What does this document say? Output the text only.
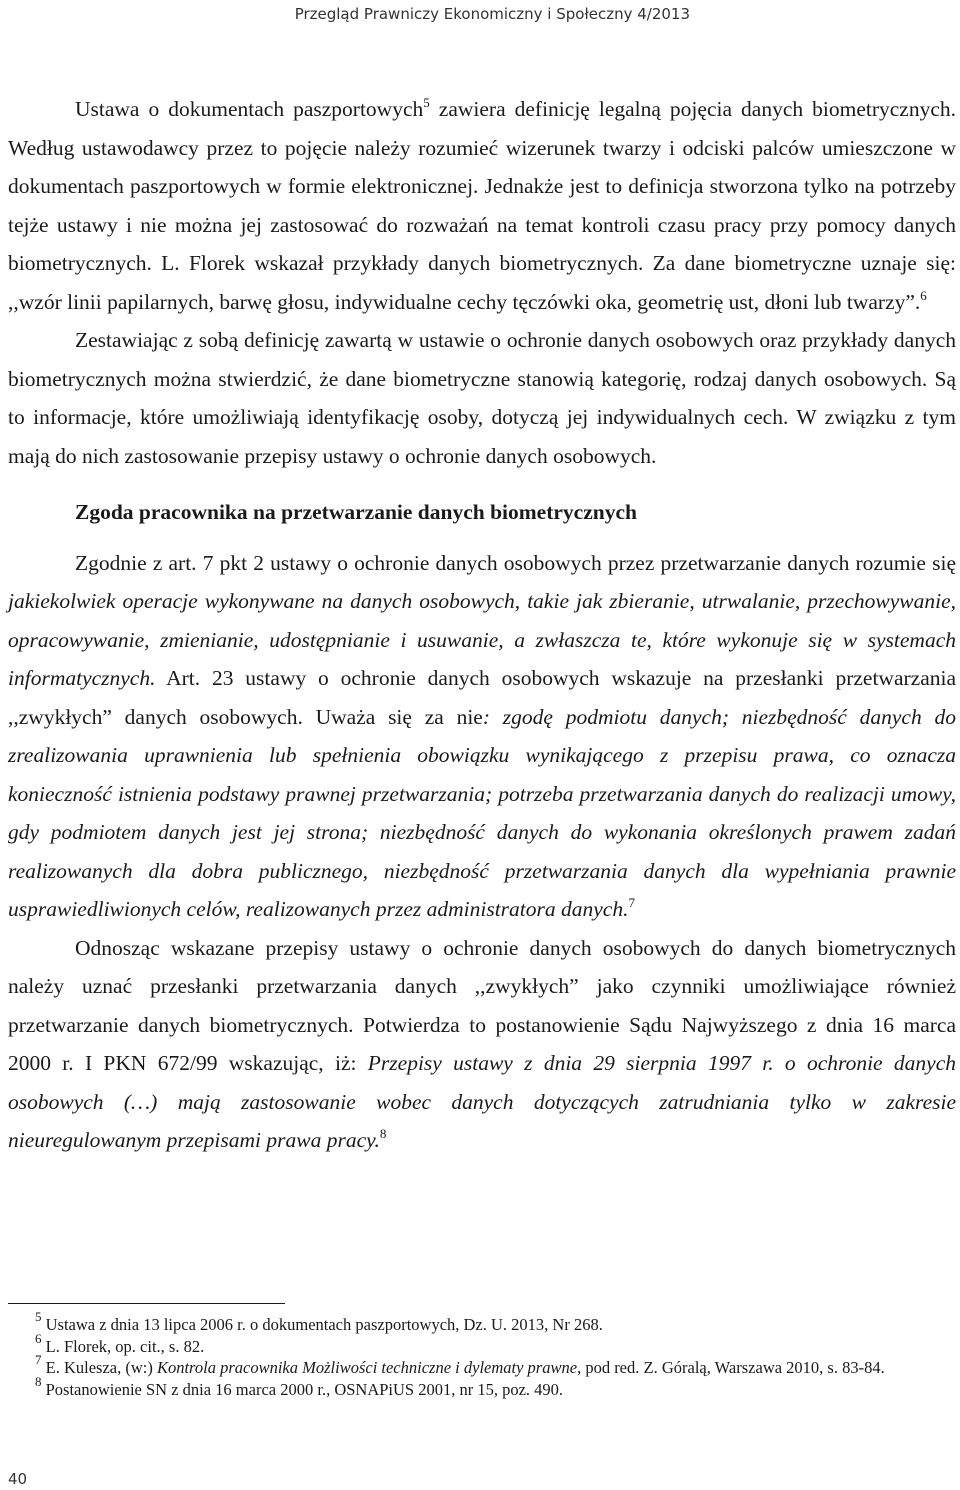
Przegląd Prawniczy Ekonomiczny i Społeczny 4/2013

Ustawa o dokumentach paszportowych$^5$ zawiera definicję legalną pojęcia danych biometrycznych. Według ustawodawcy przez to pojęcie należy rozumieć wizerunek twarzy i odciski palców umieszczone w dokumentach paszportowych w formie elektronicznej. Jednakże jest to definicja stworzona tylko na potrzeby tejże ustawy i nie można jej zastosować do rozważań na temat kontroli czasu pracy przy pomocy danych biometrycznych. L. Florek wskazał przykłady danych biometrycznych. Za dane biometryczne uznaje się: ,,wzór linii papilarnych, barwę głosu, indywidualne cechy tęczówki oka, geometrię ust, dłoni lub twarzy”.$^6$

Zestawiając z sobą definicję zawartą w ustawie o ochronie danych osobowych oraz przykłady danych biometrycznych można stwierdzić, że dane biometryczne stanowią kategorię, rodzaj danych osobowych. Są to informacje, które umożliwiają identyfikację osoby, dotyczą jej indywidualnych cech. W związku z tym mają do nich zastosowanie przepisy ustawy o ochronie danych osobowych.

Zgoda pracownika na przetwarzanie danych biometrycznych

Zgodnie z art. 7 pkt 2 ustawy o ochronie danych osobowych przez przetwarzanie danych rozumie się jakiekolwiek operacje wykonywane na danych osobowych, takie jak zbieranie, utrwalanie, przechowywanie, opracowywanie, zmienianie, udostępnianie i usuwanie, a zwłaszcza te, które wykonuje się w systemach informatycznych. Art. 23 ustawy o ochronie danych osobowych wskazuje na przesłanki przetwarzania ,,zwykłych” danych osobowych. Uważa się za nie: zgodę podmiotu danych; niezbędność danych do zrealizowania uprawnienia lub spełnienia obowiązku wynikającego z przepisu prawa, co oznacza konieczność istnienia podstawy prawnej przetwarzania; potrzeba przetwarzania danych do realizacji umowy, gdy podmiotem danych jest jej strona; niezbędność danych do wykonania określonych prawem zadań realizowanych dla dobra publicznego, niezbędność przetwarzania danych dla wypełniania prawnie usprawiedliwionych celów, realizowanych przez administratora danych.$^7$

Odnosząc wskazane przepisy ustawy o ochronie danych osobowych do danych biometrycznych należy uznać przesłanki przetwarzania danych ,,zwykłych” jako czynniki umożliwiające również przetwarzanie danych biometrycznych. Potwierdza to postanowienie Sądu Najwyższego z dnia 16 marca 2000 r. I PKN 672/99 wskazując, iż: Przepisy ustawy z dnia 29 sierpnia 1997 r. o ochronie danych osobowych (…) mają zastosowanie wobec danych dotyczących zatrudniania tylko w zakresie nieuregulowanym przepisami prawa pracy.$^8$

$^5$ Ustawa z dnia 13 lipca 2006 r. o dokumentach paszportowych, Dz. U. 2013, Nr 268.

$^6$ L. Florek, op. cit., s. 82.

$^7$ E. Kulesza, (w:) Kontrola pracownika Możliwości techniczne i dylematy prawne, pod red. Z. Góralą, Warszawa 2010, s. 83-84.

$^8$ Postanowienie SN z dnia 16 marca 2000 r., OSNAPiUS 2001, nr 15, poz. 490.

40
